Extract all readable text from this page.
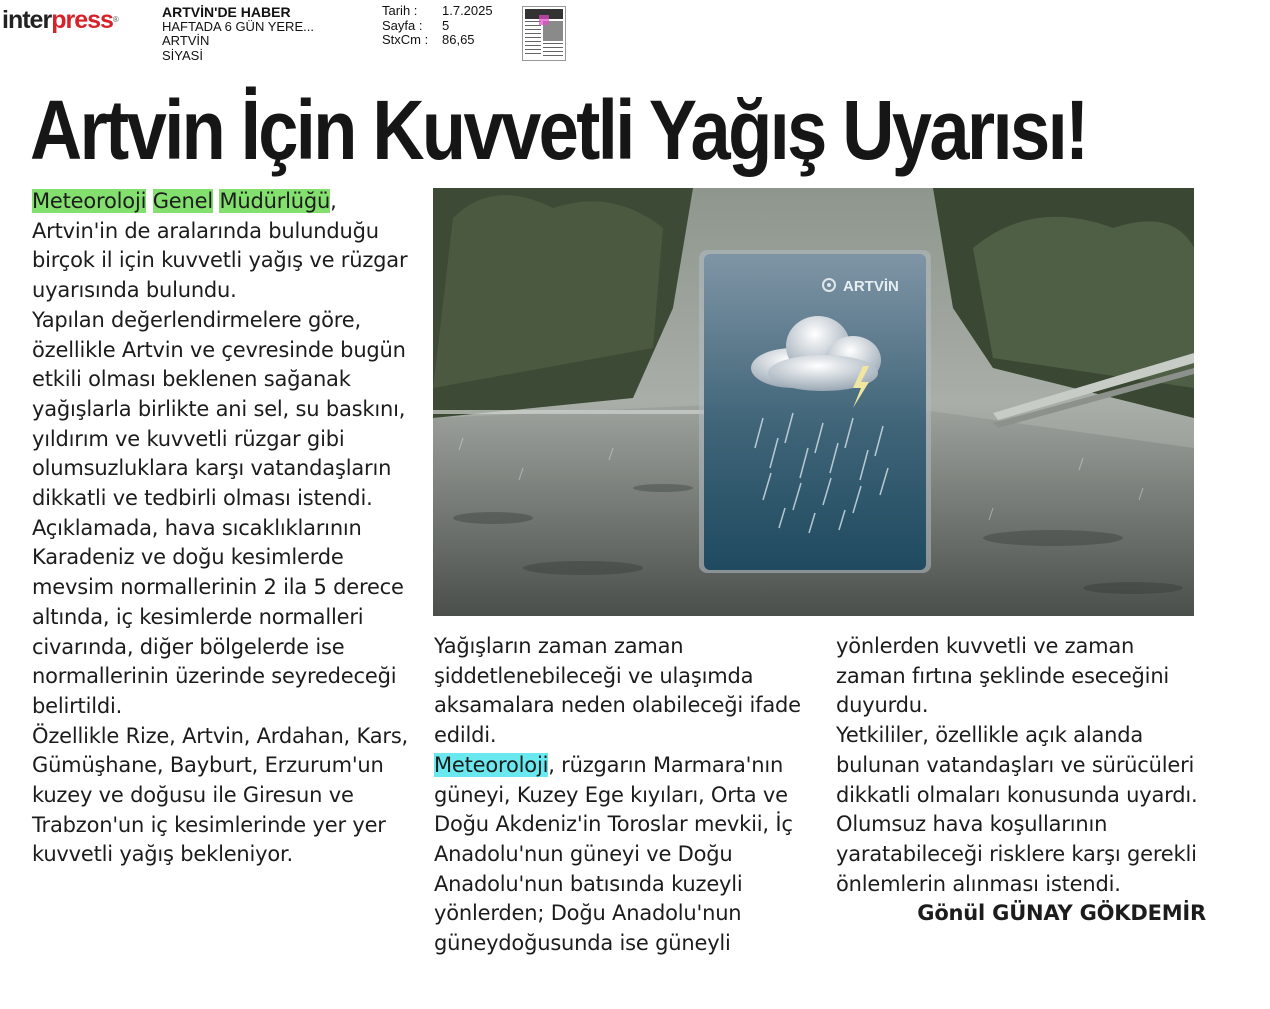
interpress®	ARTVİN'DE HABER
HAFTADA 6 GÜN YERE...
ARTVİN
SİYASİ
Tarih :	1.7.2025
Sayfa :	5
StxCm :	86,65
Artvin İçin Kuvvetli Yağış Uyarısı!
ARTVİN

Meteoroloji Genel Müdürlüğü, Artvin'in de aralarında bulunduğu birçok il için kuvvetli yağış ve rüzgar uyarısında bulundu.

Yapılan değerlendirmelere göre, özellikle Artvin ve çevresinde bugün etkili olması beklenen sağanak yağışlarla birlikte ani sel, su baskını, yıldırım ve kuvvetli rüzgar gibi olumsuzluklara karşı vatandaşların dikkatli ve tedbirli olması istendi.

Açıklamada, hava sıcaklıklarının Karadeniz ve doğu kesimlerde mevsim normallerinin 2 ila 5 derece altında, iç kesimlerde normalleri civarında, diğer bölgelerde ise normallerinin üzerinde seyredeceği belirtildi.

Özellikle Rize, Artvin, Ardahan, Kars, Gümüşhane, Bayburt, Erzurum'un kuzey ve doğusu ile Giresun ve Trabzon'un iç kesimlerinde yer yer kuvvetli yağış bekleniyor.

Yağışların zaman zaman şiddetlenebileceği ve ulaşımda aksamalara neden olabileceği ifade edildi.

Meteoroloji, rüzgarın Marmara'nın güneyi, Kuzey Ege kıyıları, Orta ve Doğu Akdeniz'in Toroslar mevkii, İç Anadolu'nun güneyi ve Doğu Anadolu'nun batısında kuzeyli yönlerden; Doğu Anadolu'nun güneydoğusunda ise güneyli

yönlerden kuvvetli ve zaman zaman fırtına şeklinde eseceğini duyurdu.

Yetkililer, özellikle açık alanda bulunan vatandaşları ve sürücüleri dikkatli olmaları konusunda uyardı.

Olumsuz hava koşullarının yaratabileceği risklere karşı gerekli önlemlerin alınması istendi.

Gönül GÜNAY GÖKDEMİR
